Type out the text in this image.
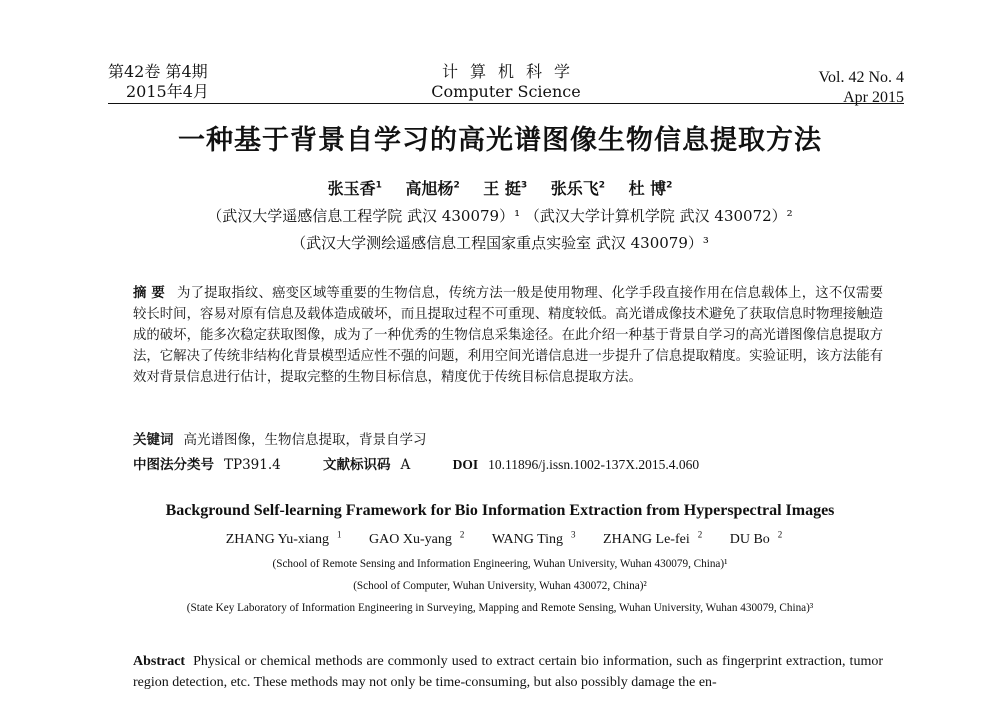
第42卷 第4期
2015年4月
计算机科学
Computer Science
Vol. 42 No. 4
Apr 2015
一种基于背景自学习的高光谱图像生物信息提取方法
张玉香$^1$ 高旭杨$^2$ 王 挺$^3$ 张乐飞$^2$ 杜 博$^2$
（武汉大学遥感信息工程学院 武汉 430079）¹ （武汉大学计算机学院 武汉 430072）²
（武汉大学测绘遥感信息工程国家重点实验室 武汉 430079）³
摘 要 为了提取指纹、癌变区域等重要的生物信息，传统方法一般是使用物理、化学手段直接作用在信息载体上，这不仅需要较长时间，容易对原有信息及载体造成破坏，而且提取过程不可重现、精度较低。高光谱成像技术避免了获取信息时物理接触造成的破坏，能多次稳定获取图像，成为了一种优秀的生物信息采集途径。在此介绍一种基于背景自学习的高光谱图像信息提取方法，它解决了传统非结构化背景模型适应性不强的问题，利用空间光谱信息进一步提升了信息提取精度。实验证明，该方法能有效对背景信息进行估计，提取完整的生物目标信息，精度优于传统目标信息提取方法。
关键词 高光谱图像，生物信息提取，背景自学习
中图法分类号 TP391.4	文献标识码 A	DOI 10.11896/j.issn.1002-137X.2015.4.060
Background Self-learning Framework for Bio Information Extraction from Hyperspectral Images
ZHANG Yu-xiang $^1$ GAO Xu-yang $^2$ WANG Ting $^3$ ZHANG Le-fei $^2$ DU Bo $^2$
(School of Remote Sensing and Information Engineering, Wuhan University, Wuhan 430079, China)¹
(School of Computer, Wuhan University, Wuhan 430072, China)²
(State Key Laboratory of Information Engineering in Surveying, Mapping and Remote Sensing, Wuhan University, Wuhan 430079, China)³
Abstract Physical or chemical methods are commonly used to extract certain bio information, such as fingerprint extraction, tumor region detection, etc. These methods may not only be time-consuming, but also possibly damage the en-
